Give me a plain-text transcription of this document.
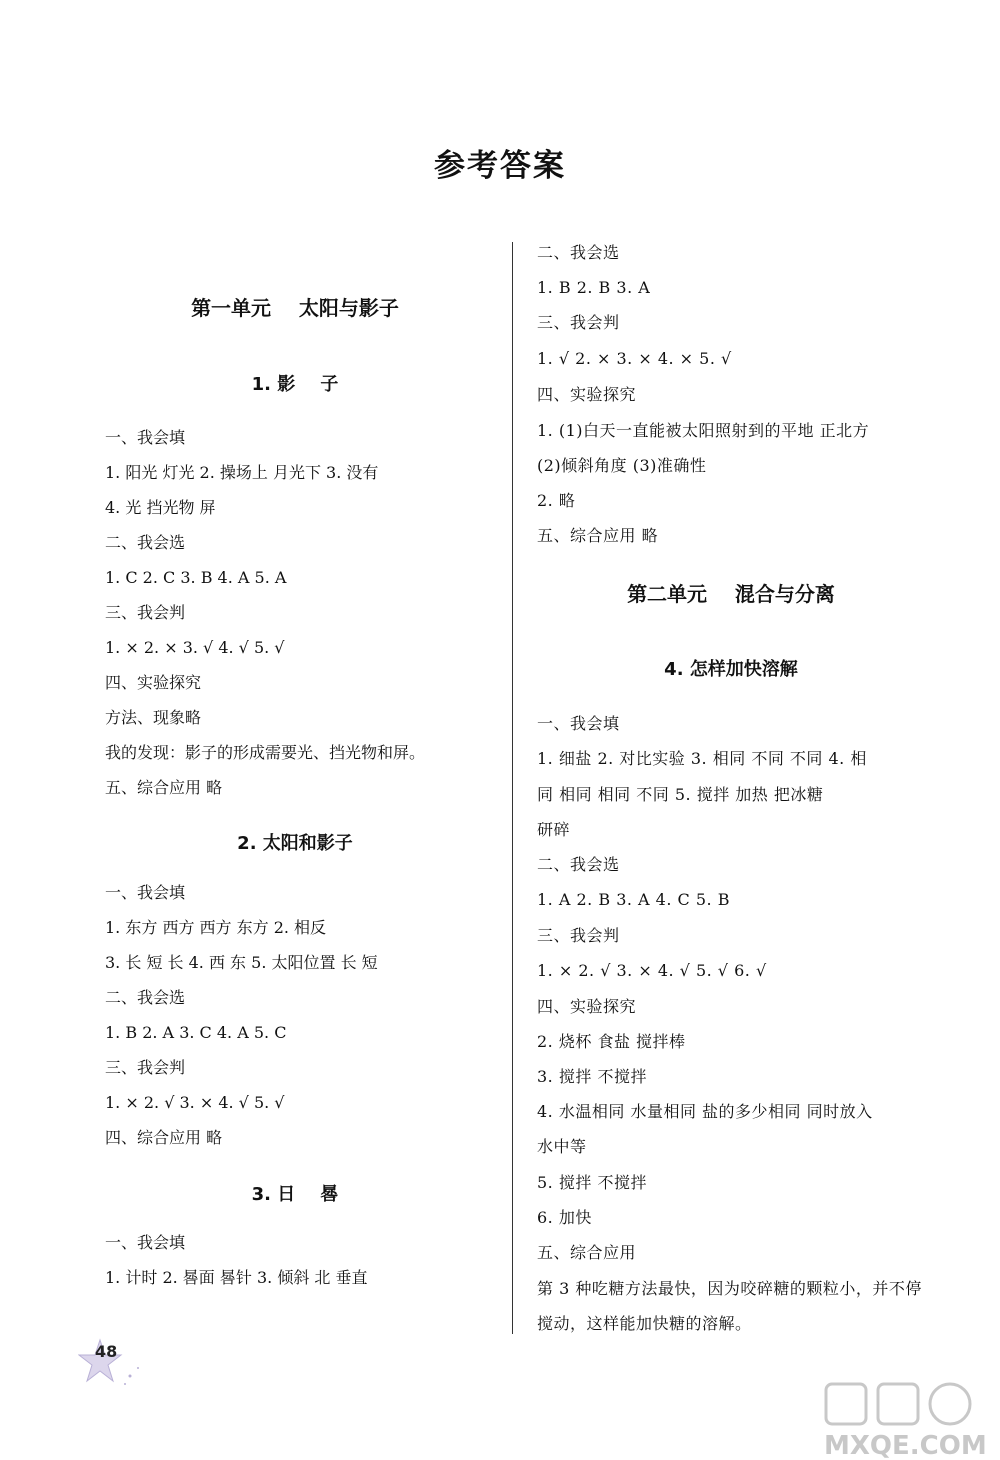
参考答案
第一单元    太阳与影子
1. 影    子
一、我会填
1. 阳光 灯光 2. 操场上 月光下 3. 没有
4. 光 挡光物 屏
二、我会选
1. C 2. C 3. B 4. A 5. A
三、我会判
1. × 2. × 3. √ 4. √ 5. √
四、实验探究
方法、现象略
我的发现：影子的形成需要光、挡光物和屏。
五、综合应用 略
2. 太阳和影子
一、我会填
1. 东方 西方 西方 东方 2. 相反
3. 长 短 长 4. 西 东 5. 太阳位置 长 短
二、我会选
1. B 2. A 3. C 4. A 5. C
三、我会判
1. × 2. √ 3. × 4. √ 5. √
四、综合应用 略
3. 日    晷
一、我会填
1. 计时 2. 晷面 晷针 3. 倾斜 北 垂直
二、我会选
1. B 2. B 3. A
三、我会判
1. √ 2. × 3. × 4. × 5. √
四、实验探究
1. (1)白天一直能被太阳照射到的平地 正北方
(2)倾斜角度 (3)准确性
2. 略
五、综合应用 略
第二单元    混合与分离
4. 怎样加快溶解
一、我会填
1. 细盐 2. 对比实验 3. 相同 不同 不同 4. 相
同 相同 相同 不同 5. 搅拌 加热 把冰糖
研碎
二、我会选
1. A 2. B 3. A 4. C 5. B
三、我会判
1. × 2. √ 3. × 4. √ 5. √ 6. √
四、实验探究
2. 烧杯 食盐 搅拌棒
3. 搅拌 不搅拌
4. 水温相同 水量相同 盐的多少相同 同时放入
水中等
5. 搅拌 不搅拌
6. 加快
五、综合应用
第 3 种吃糖方法最快，因为咬碎糖的颗粒小，并不停
搅动，这样能加快糖的溶解。
48
MXQE.COM
